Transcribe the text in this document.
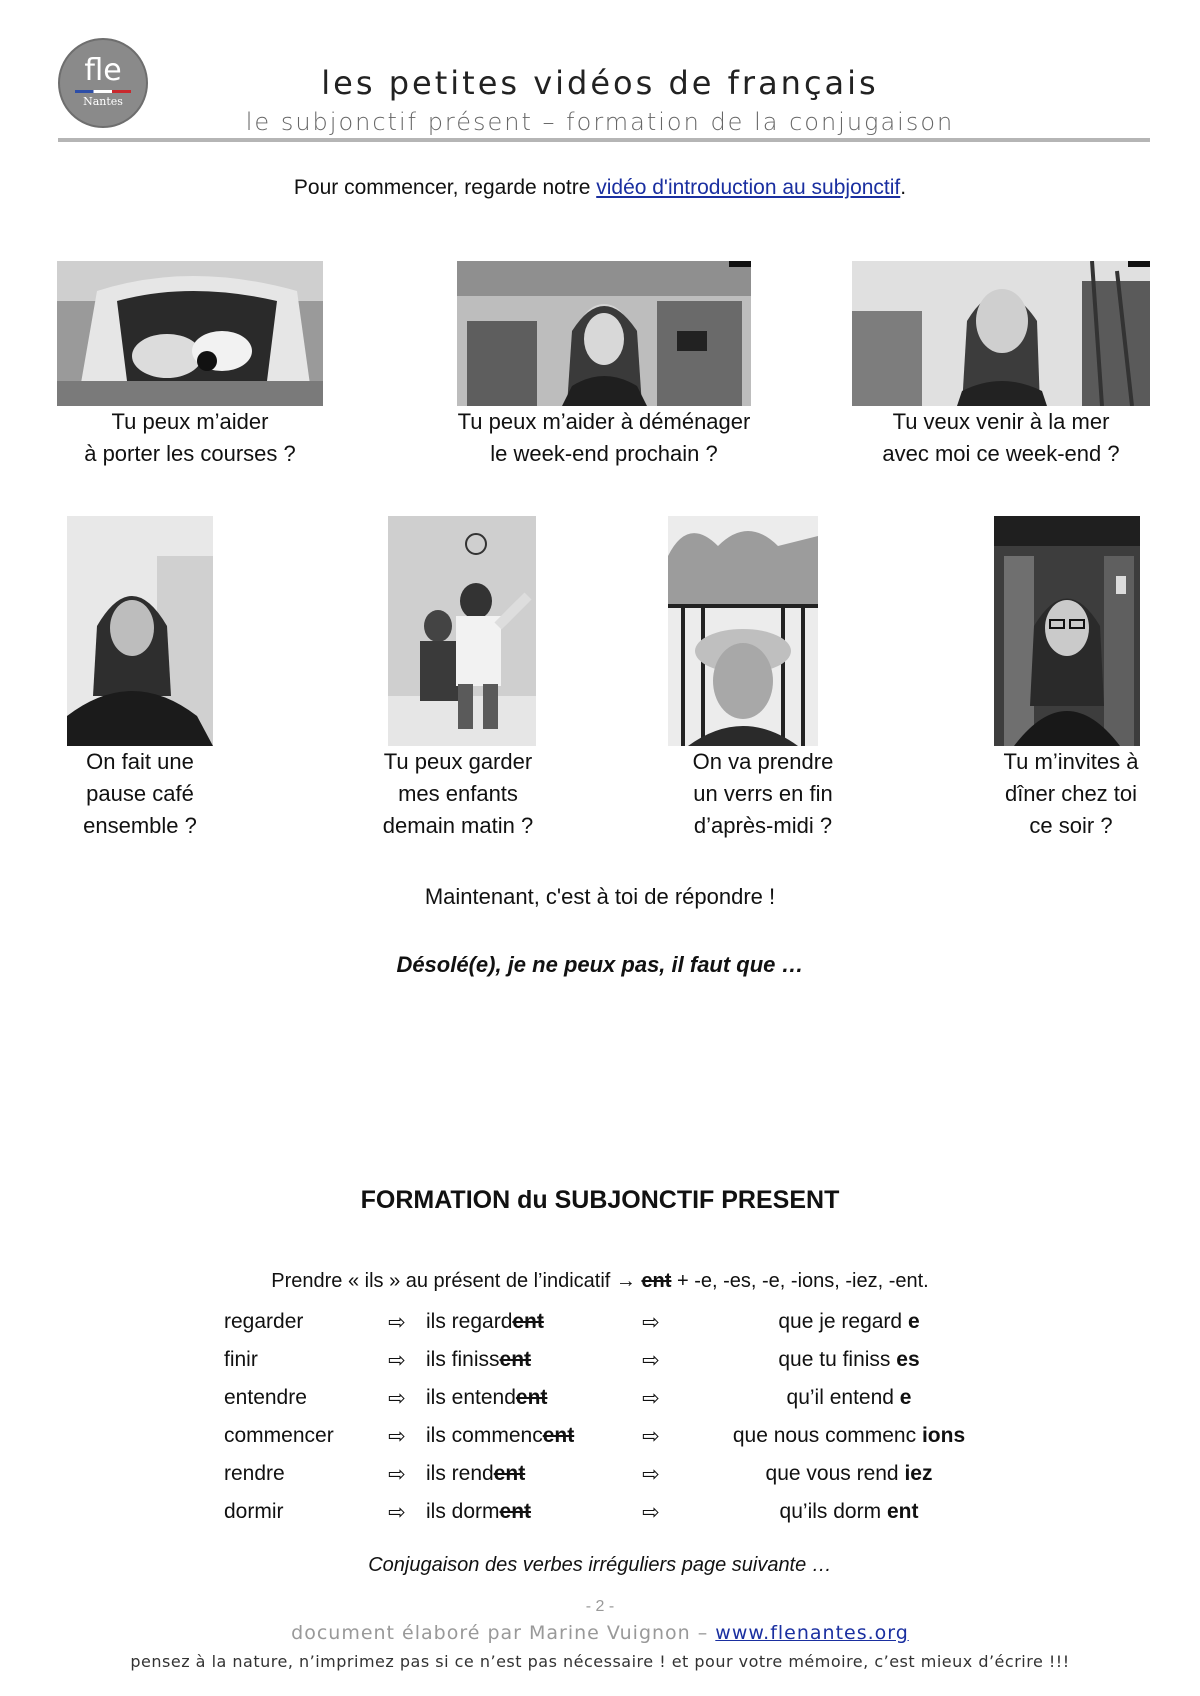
fle
Nantes	les petites vidéos de français
le subjonctif présent – formation de la conjugaison
Pour commencer, regarde notre vidéo d'introduction au subjonctif.
Tu peux m’aider
à porter les courses ?
Tu peux m’aider à déménager
le week-end prochain ?
Tu veux venir à la mer
avec moi ce week-end ?
On fait une
pause café
ensemble ?
Tu peux garder
mes enfants
demain matin ?
On va prendre
un verrs en fin
d’après-midi ?
Tu m’invites à
dîner chez toi
ce soir ?
Maintenant, c'est à toi de répondre !
Désolé(e), je ne peux pas, il faut que …
FORMATION du SUBJONCTIF PRESENT
Prendre « ils » au présent de l’indicatif → ent + -e, -es, -e, -ions, -iez, -ent.
regarder	⇨ ils regardent	⇨	que je regard e
finir	⇨ ils finissent	⇨	que tu finiss es
entendre	⇨ ils entendent	⇨	qu’il entend e
commencer	⇨ ils commencent	⇨	que nous commenc ions
rendre	⇨ ils rendent	⇨	que vous rend iez
dormir	⇨ ils dorment	⇨	qu’ils dorm ent
Conjugaison des verbes irréguliers page suivante …
- 2 -
document élaboré par Marine Vuignon – www.flenantes.org
pensez à la nature, n’imprimez pas si ce n’est pas nécessaire ! et pour votre mémoire, c’est mieux d’écrire !!!
